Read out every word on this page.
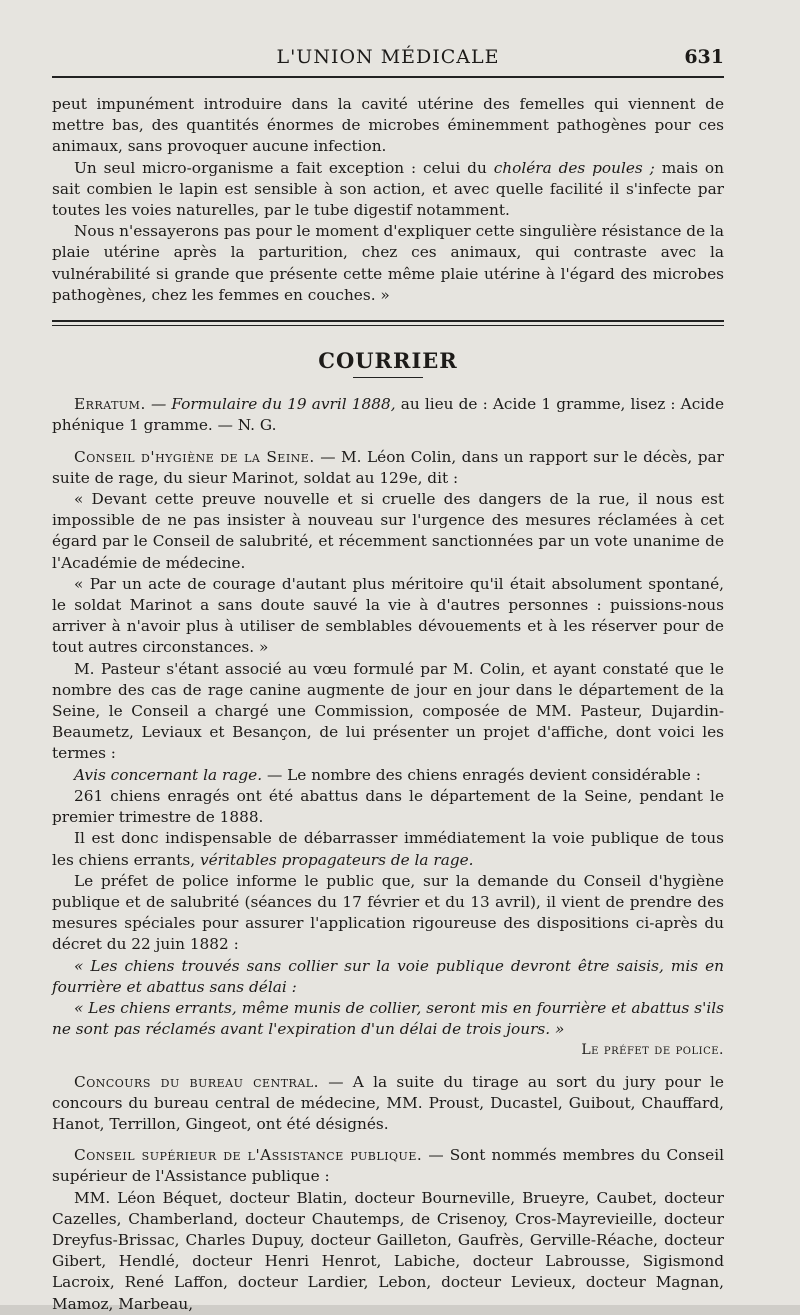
L'UNION MÉDICALE	631

peut impunément introduire dans la cavité utérine des femelles qui viennent de mettre bas, des quantités énormes de microbes éminemment pathogènes pour ces animaux, sans provoquer aucune infection.

Un seul micro-organisme a fait exception : celui du choléra des poules ; mais on sait combien le lapin est sensible à son action, et avec quelle facilité il s'infecte par toutes les voies naturelles, par le tube digestif notamment.

Nous n'essayerons pas pour le moment d'expliquer cette singulière résistance de la plaie utérine après la parturition, chez ces animaux, qui contraste avec la vulnérabilité si grande que présente cette même plaie utérine à l'égard des microbes pathogènes, chez les femmes en couches. »

COURRIER

Erratum. — Formulaire du 19 avril 1888, au lieu de : Acide 1 gramme, lisez : Acide phénique 1 gramme. — N. G.

Conseil d'hygiène de la Seine. — M. Léon Colin, dans un rapport sur le décès, par suite de rage, du sieur Marinot, soldat au 129e, dit :

« Devant cette preuve nouvelle et si cruelle des dangers de la rue, il nous est impossible de ne pas insister à nouveau sur l'urgence des mesures réclamées à cet égard par le Conseil de salubrité, et récemment sanctionnées par un vote unanime de l'Académie de médecine.

« Par un acte de courage d'autant plus méritoire qu'il était absolument spontané, le soldat Marinot a sans doute sauvé la vie à d'autres personnes : puissions-nous arriver à n'avoir plus à utiliser de semblables dévouements et à les réserver pour de tout autres circonstances. »

M. Pasteur s'étant associé au vœu formulé par M. Colin, et ayant constaté que le nombre des cas de rage canine augmente de jour en jour dans le département de la Seine, le Conseil a chargé une Commission, composée de MM. Pasteur, Dujardin-Beaumetz, Leviaux et Besançon, de lui présenter un projet d'affiche, dont voici les termes :

Avis concernant la rage. — Le nombre des chiens enragés devient considérable :

261 chiens enragés ont été abattus dans le département de la Seine, pendant le premier trimestre de 1888.

Il est donc indispensable de débarrasser immédiatement la voie publique de tous les chiens errants, véritables propagateurs de la rage.

Le préfet de police informe le public que, sur la demande du Conseil d'hygiène publique et de salubrité (séances du 17 février et du 13 avril), il vient de prendre des mesures spéciales pour assurer l'application rigoureuse des dispositions ci-après du décret du 22 juin 1882 :

« Les chiens trouvés sans collier sur la voie publique devront être saisis, mis en fourrière et abattus sans délai :

« Les chiens errants, même munis de collier, seront mis en fourrière et abattus s'ils ne sont pas réclamés avant l'expiration d'un délai de trois jours. »

Le préfet de police.

Concours du bureau central. — A la suite du tirage au sort du jury pour le concours du bureau central de médecine, MM. Proust, Ducastel, Guibout, Chauffard, Hanot, Terrillon, Gingeot, ont été désignés.

Conseil supérieur de l'Assistance publique. — Sont nommés membres du Conseil supérieur de l'Assistance publique :

MM. Léon Béquet, docteur Blatin, docteur Bourneville, Brueyre, Caubet, docteur Cazelles, Chamberland, docteur Chautemps, de Crisenoy, Cros-Mayrevieille, docteur Dreyfus-Brissac, Charles Dupuy, docteur Gailleton, Gaufrès, Gerville-Réache, docteur Gibert, Hendlé, docteur Henri Henrot, Labiche, docteur Labrousse, Sigismond Lacroix, René Laffon, docteur Lardier, Lebon, docteur Levieux, docteur Magnan, Mamoz, Marbeau,
